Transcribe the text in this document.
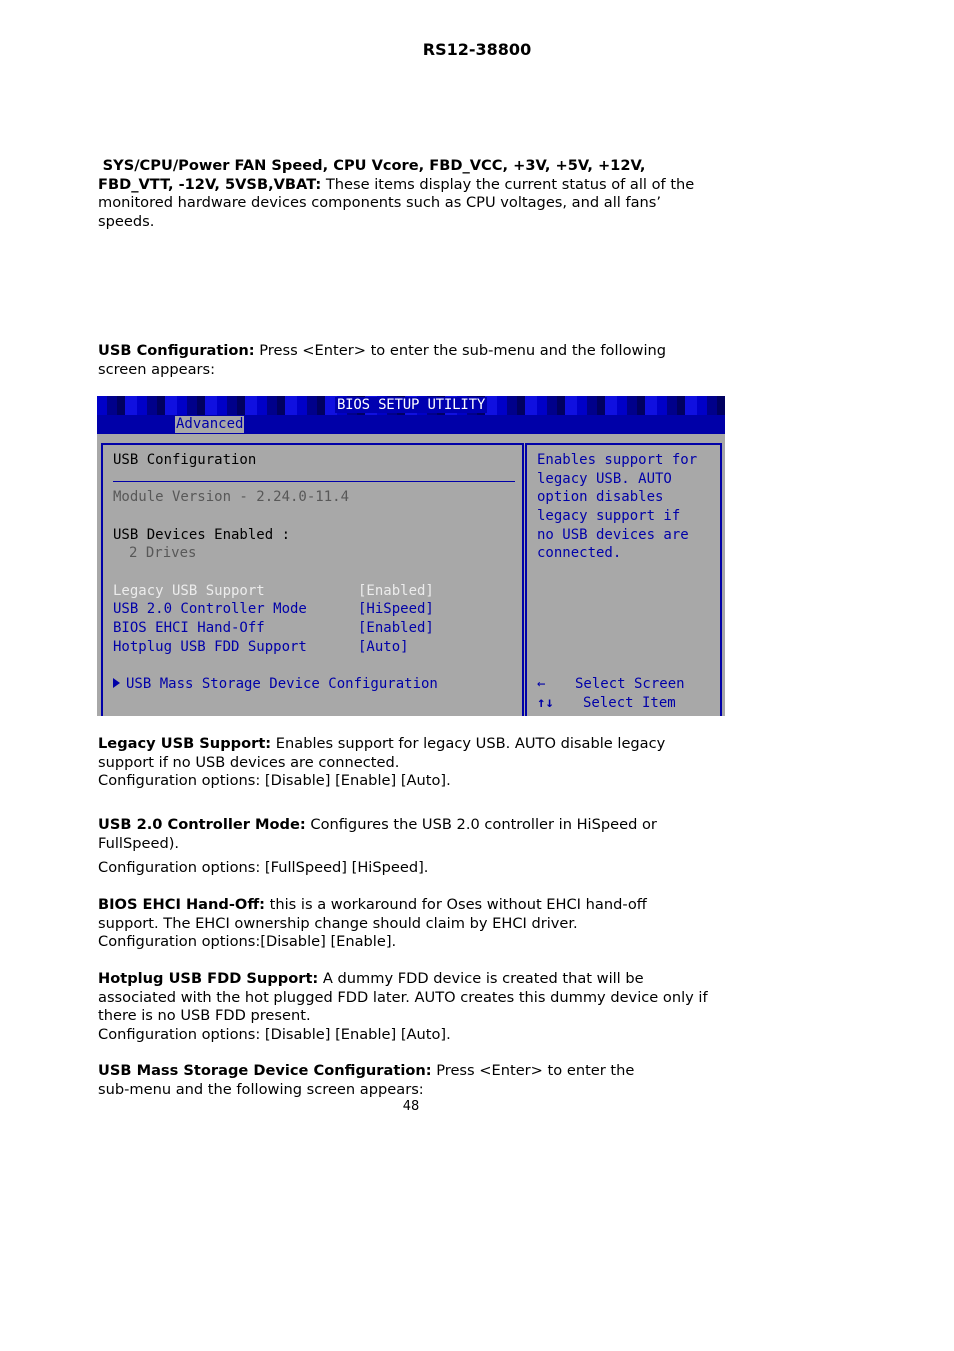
RS12-38800
SYS/CPU/Power FAN Speed, CPU Vcore, FBD_VCC, +3V, +5V, +12V,
FBD_VTT, -12V, 5VSB,VBAT: These items display the current status of all of the
monitored hardware devices components such as CPU voltages, and all fans’
speeds.
USB Configuration: Press <Enter> to enter the sub-menu and the following
screen appears:
BIOS SETUP UTILITY
Advanced
USB Configuration
Module Version - 2.24.0-11.4
USB Devices Enabled :
2 Drives
Legacy USB Support	[Enabled]
USB 2.0 Controller Mode	[HiSpeed]
BIOS EHCI Hand-Off	[Enabled]
Hotplug USB FDD Support	[Auto]
USB Mass Storage Device Configuration
Enables support for
legacy USB. AUTO
option disables
legacy support if
no USB devices are
connected.
← Select Screen
↑↓ Select Item
Legacy USB Support: Enables support for legacy USB. AUTO disable legacy
support if no USB devices are connected.
Configuration options: [Disable] [Enable] [Auto].
USB 2.0 Controller Mode: Configures the USB 2.0 controller in HiSpeed or
FullSpeed).
Configuration options: [FullSpeed] [HiSpeed].
BIOS EHCI Hand-Off: this is a workaround for Oses without EHCI hand-off
support. The EHCI ownership change should claim by EHCI driver.
Configuration options:[Disable] [Enable].
Hotplug USB FDD Support: A dummy FDD device is created that will be
associated with the hot plugged FDD later. AUTO creates this dummy device only if
there is no USB FDD present.
Configuration options: [Disable] [Enable] [Auto].
USB Mass Storage Device Configuration: Press <Enter> to enter the
sub-menu and the following screen appears:
48
